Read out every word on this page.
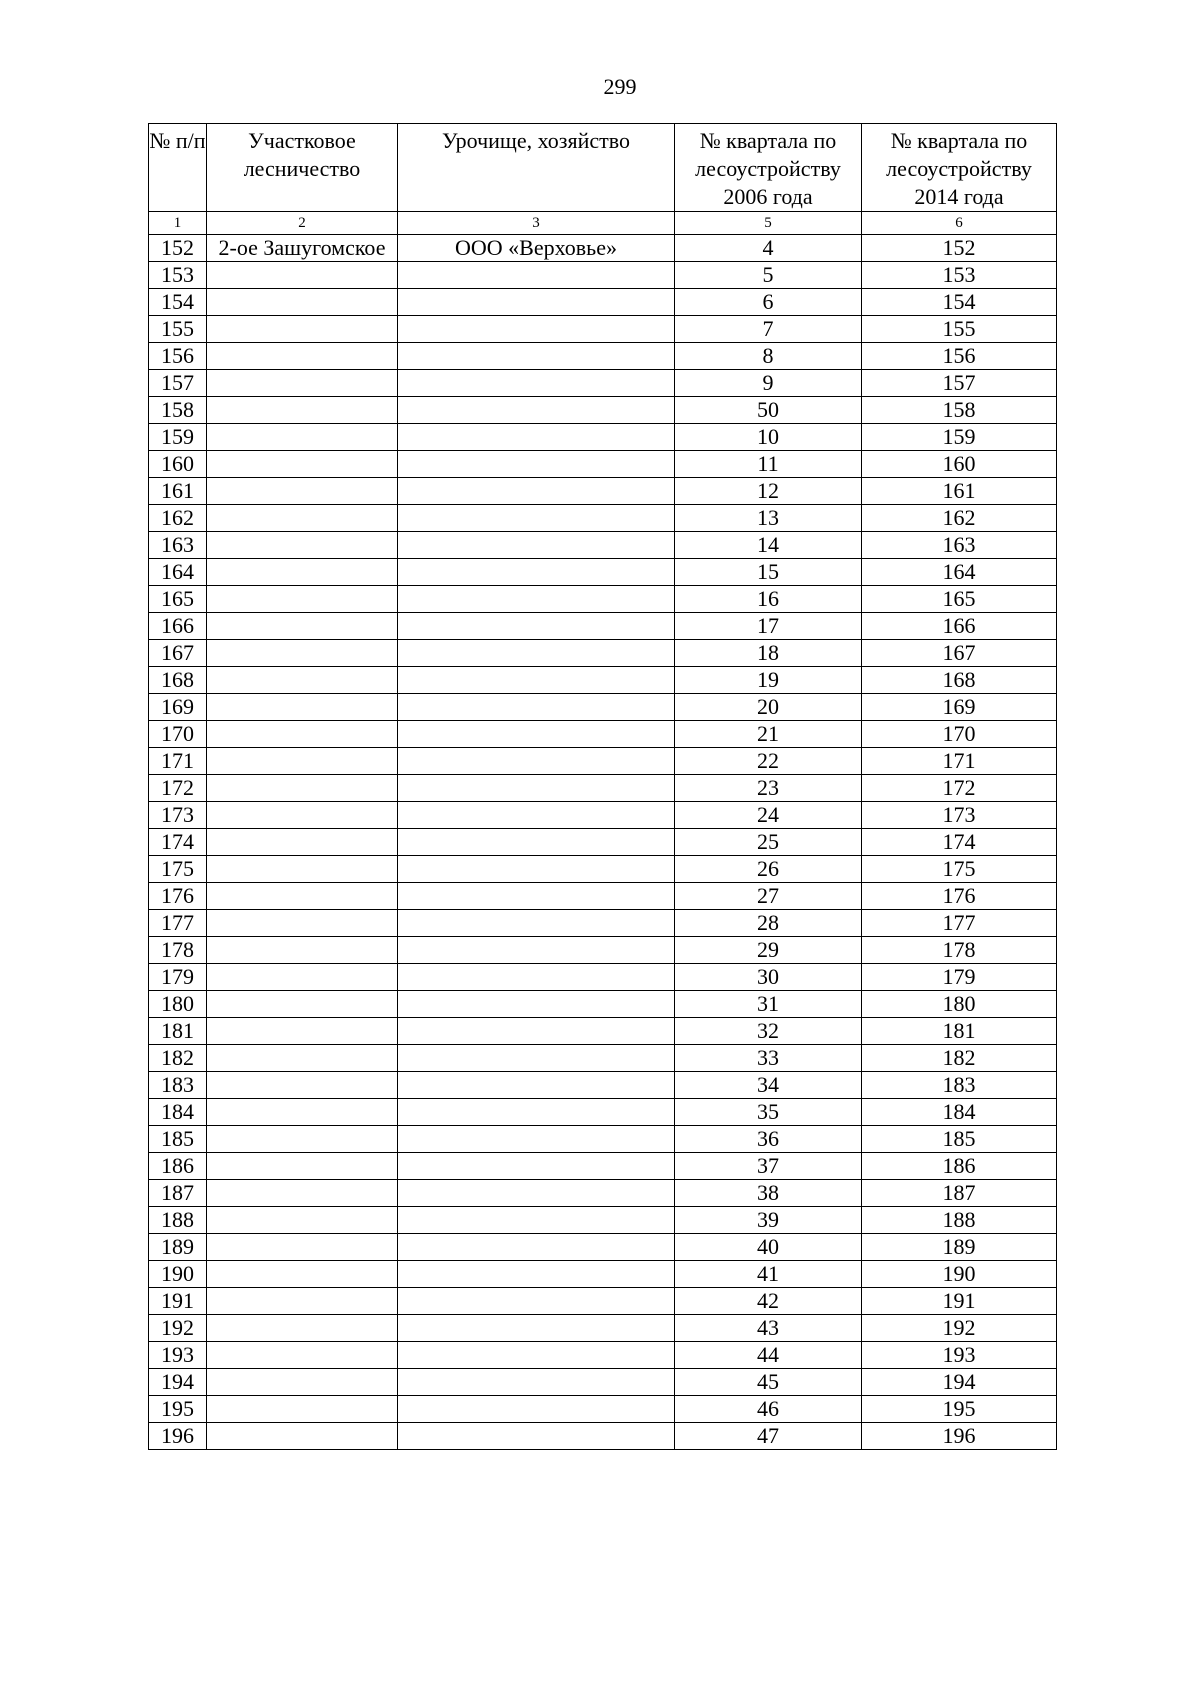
299
№ п/п	Участковое лесничество	Урочище, хозяйство	№ квартала по лесоустройству 2006 года	№ квартала по лесоустройству 2014 года
1	2	3	5	6
152	2-ое Зашугомское	ООО «Верховье»	4	152
153			5	153
154			6	154
155			7	155
156			8	156
157			9	157
158			50	158
159			10	159
160			11	160
161			12	161
162			13	162
163			14	163
164			15	164
165			16	165
166			17	166
167			18	167
168			19	168
169			20	169
170			21	170
171			22	171
172			23	172
173			24	173
174			25	174
175			26	175
176			27	176
177			28	177
178			29	178
179			30	179
180			31	180
181			32	181
182			33	182
183			34	183
184			35	184
185			36	185
186			37	186
187			38	187
188			39	188
189			40	189
190			41	190
191			42	191
192			43	192
193			44	193
194			45	194
195			46	195
196			47	196
